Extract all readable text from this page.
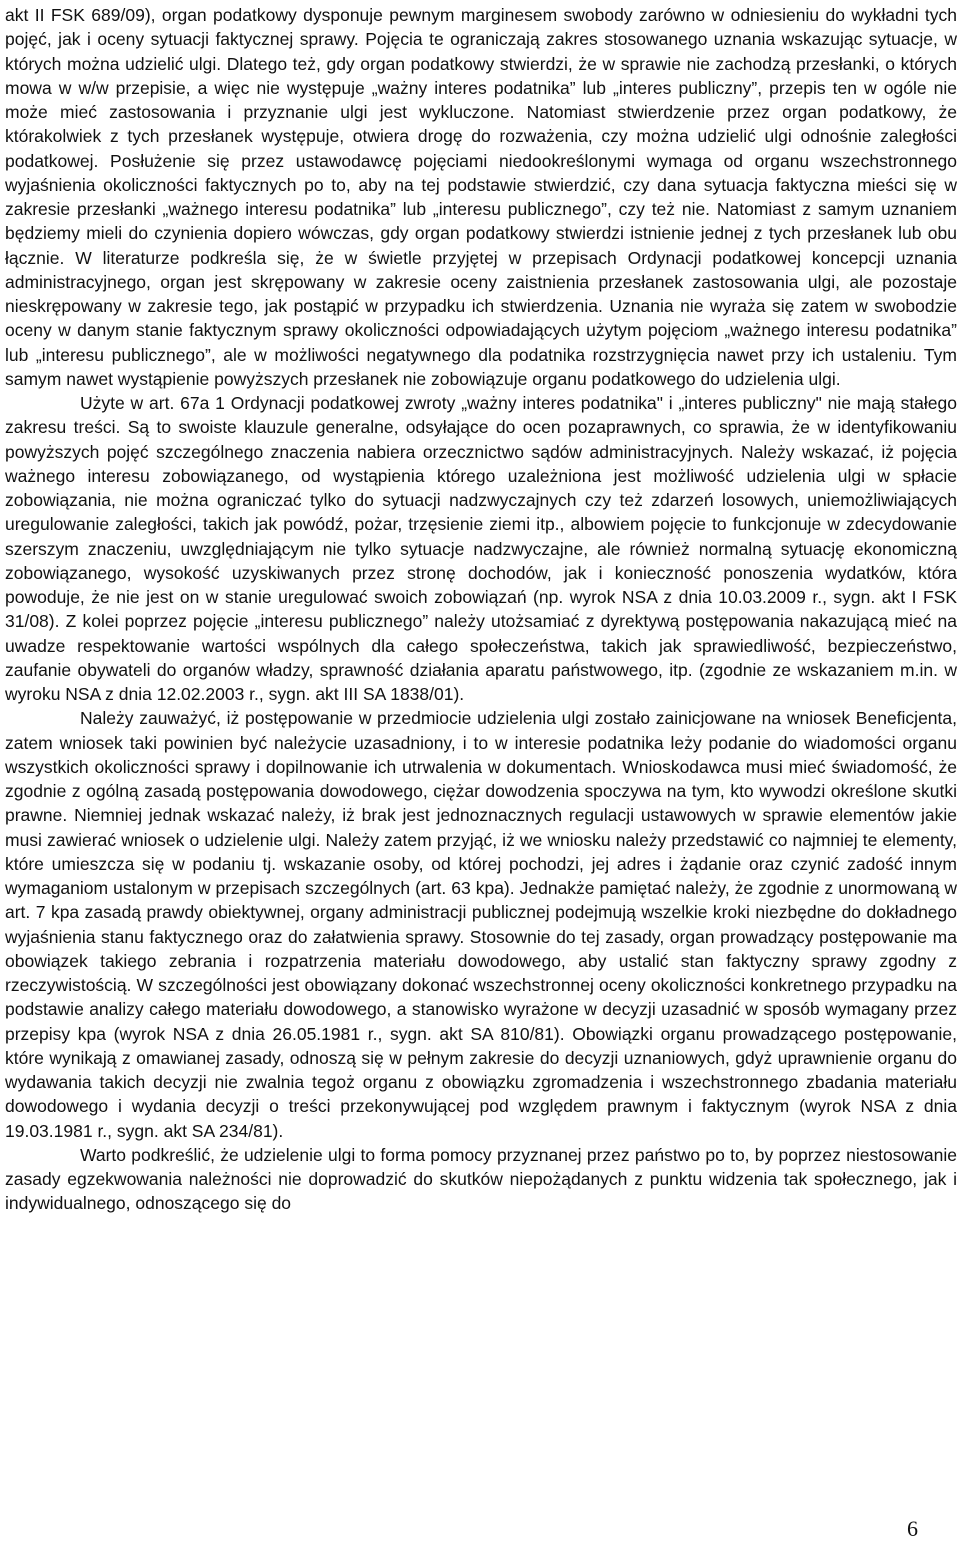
akt II FSK 689/09), organ podatkowy dysponuje pewnym marginesem swobody zarówno w odniesieniu do wykładni tych pojęć, jak i oceny sytuacji faktycznej sprawy. Pojęcia te ograniczają zakres stosowanego uznania wskazując sytuacje, w których można udzielić ulgi. Dlatego też, gdy organ podatkowy stwierdzi, że w sprawie nie zachodzą przesłanki, o których mowa w w/w przepisie, a więc nie występuje „ważny interes podatnika” lub „interes publiczny”, przepis ten w ogóle nie może mieć zastosowania i przyznanie ulgi jest wykluczone. Natomiast stwierdzenie przez organ podatkowy, że którakolwiek z tych przesłanek występuje, otwiera drogę do rozważenia, czy można udzielić ulgi odnośnie zaległości podatkowej. Posłużenie się przez ustawodawcę pojęciami niedookreślonymi wymaga od organu wszechstronnego wyjaśnienia okoliczności faktycznych po to, aby na tej podstawie stwierdzić, czy dana sytuacja faktyczna mieści się w zakresie przesłanki „ważnego interesu podatnika” lub „interesu publicznego”, czy też nie. Natomiast z samym uznaniem będziemy mieli do czynienia dopiero wówczas, gdy organ podatkowy stwierdzi istnienie jednej z tych przesłanek lub obu łącznie. W literaturze podkreśla się, że w świetle przyjętej w przepisach Ordynacji podatkowej koncepcji uznania administracyjnego, organ jest skrępowany w zakresie oceny zaistnienia przesłanek zastosowania ulgi, ale pozostaje nieskrępowany w zakresie tego, jak postąpić w przypadku ich stwierdzenia. Uznania nie wyraża się zatem w swobodzie oceny w danym stanie faktycznym sprawy okoliczności odpowiadających użytym pojęciom „ważnego interesu podatnika” lub „interesu publicznego”, ale w możliwości negatywnego dla podatnika rozstrzygnięcia nawet przy ich ustaleniu. Tym samym nawet wystąpienie powyższych przesłanek nie zobowiązuje organu podatkowego do udzielenia ulgi.

Użyte w art. 67a 1 Ordynacji podatkowej zwroty „ważny interes podatnika" i „interes publiczny" nie mają stałego zakresu treści. Są to swoiste klauzule generalne, odsyłające do ocen pozaprawnych, co sprawia, że w identyfikowaniu powyższych pojęć szczególnego znaczenia nabiera orzecznictwo sądów administracyjnych. Należy wskazać, iż pojęcia ważnego interesu zobowiązanego, od wystąpienia którego uzależniona jest możliwość udzielenia ulgi w spłacie zobowiązania, nie można ograniczać tylko do sytuacji nadzwyczajnych czy też zdarzeń losowych, uniemożliwiających uregulowanie zaległości, takich jak powódź, pożar, trzęsienie ziemi itp., albowiem pojęcie to funkcjonuje w zdecydowanie szerszym znaczeniu, uwzględniającym nie tylko sytuacje nadzwyczajne, ale również normalną sytuację ekonomiczną zobowiązanego, wysokość uzyskiwanych przez stronę dochodów, jak i konieczność ponoszenia wydatków, która powoduje, że nie jest on w stanie uregulować swoich zobowiązań (np. wyrok NSA z dnia 10.03.2009 r., sygn. akt I FSK 31/08). Z kolei poprzez pojęcie „interesu publicznego” należy utożsamiać z dyrektywą postępowania nakazującą mieć na uwadze respektowanie wartości wspólnych dla całego społeczeństwa, takich jak sprawiedliwość, bezpieczeństwo, zaufanie obywateli do organów władzy, sprawność działania aparatu państwowego, itp. (zgodnie ze wskazaniem m.in. w wyroku NSA z dnia 12.02.2003 r., sygn. akt III SA 1838/01).

Należy zauważyć, iż postępowanie w przedmiocie udzielenia ulgi zostało zainicjowane na wniosek Beneficjenta, zatem wniosek taki powinien być należycie uzasadniony, i to w interesie podatnika leży podanie do wiadomości organu wszystkich okoliczności sprawy i dopilnowanie ich utrwalenia w dokumentach. Wnioskodawca musi mieć świadomość, że zgodnie z ogólną zasadą postępowania dowodowego, ciężar dowodzenia spoczywa na tym, kto wywodzi określone skutki prawne. Niemniej jednak wskazać należy, iż brak jest jednoznacznych regulacji ustawowych w sprawie elementów jakie musi zawierać wniosek o udzielenie ulgi. Należy zatem przyjąć, iż we wniosku należy przedstawić co najmniej te elementy, które umieszcza się w podaniu tj. wskazanie osoby, od której pochodzi, jej adres i żądanie oraz czynić zadość innym wymaganiom ustalonym w przepisach szczególnych (art. 63 kpa). Jednakże pamiętać należy, że zgodnie z unormowaną w art. 7 kpa zasadą prawdy obiektywnej, organy administracji publicznej podejmują wszelkie kroki niezbędne do dokładnego wyjaśnienia stanu faktycznego oraz do załatwienia sprawy. Stosownie do tej zasady, organ prowadzący postępowanie ma obowiązek takiego zebrania i rozpatrzenia materiału dowodowego, aby ustalić stan faktyczny sprawy zgodny z rzeczywistością. W szczególności jest obowiązany dokonać wszechstronnej oceny okoliczności konkretnego przypadku na podstawie analizy całego materiału dowodowego, a stanowisko wyrażone w decyzji uzasadnić w sposób wymagany przez przepisy kpa (wyrok NSA z dnia 26.05.1981 r., sygn. akt SA 810/81). Obowiązki organu prowadzącego postępowanie, które wynikają z omawianej zasady, odnoszą się w pełnym zakresie do decyzji uznaniowych, gdyż uprawnienie organu do wydawania takich decyzji nie zwalnia tegoż organu z obowiązku zgromadzenia i wszechstronnego zbadania materiału dowodowego i wydania decyzji o treści przekonywującej pod względem prawnym i faktycznym (wyrok NSA z dnia 19.03.1981 r., sygn. akt SA 234/81).

Warto podkreślić, że udzielenie ulgi to forma pomocy przyznanej przez państwo po to, by poprzez niestosowanie zasady egzekwowania należności nie doprowadzić do skutków niepożądanych z punktu widzenia tak społecznego, jak i indywidualnego, odnoszącego się do

6
